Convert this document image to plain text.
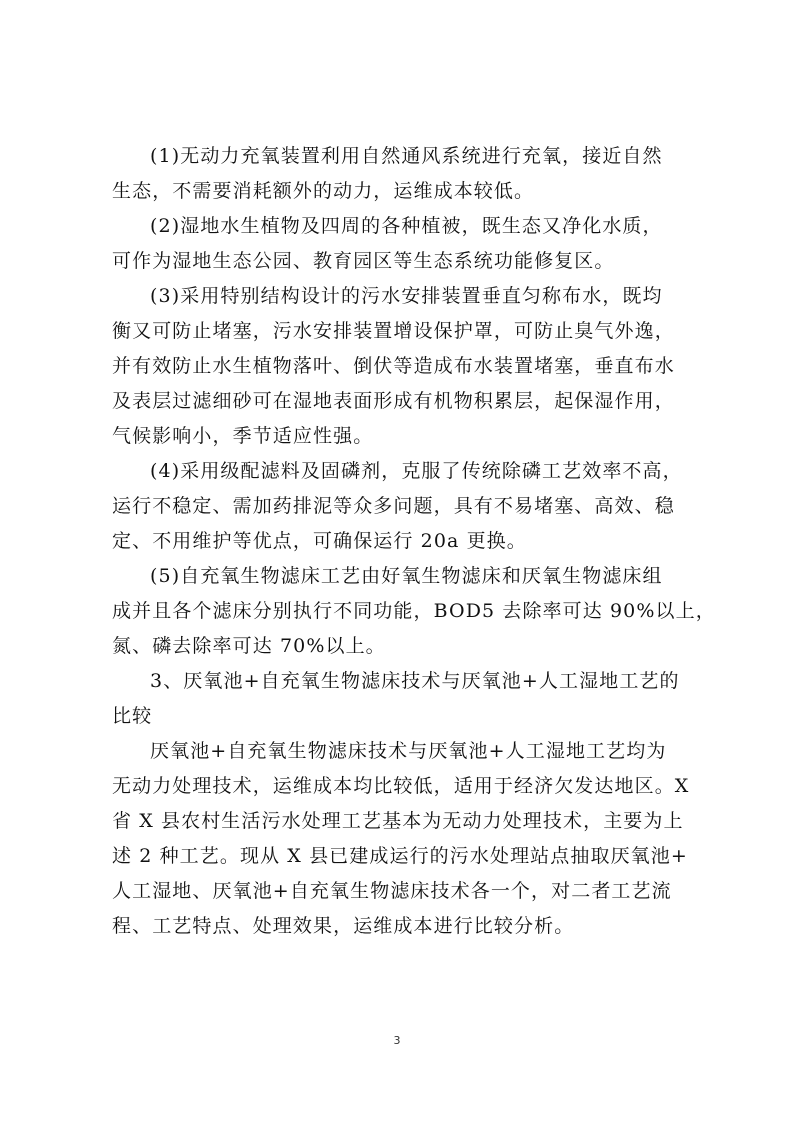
(1)无动力充氧装置利用自然通风系统进行充氧，接近自然
生态，不需要消耗额外的动力，运维成本较低。
(2)湿地水生植物及四周的各种植被，既生态又净化水质，
可作为湿地生态公园、教育园区等生态系统功能修复区。
(3)采用特别结构设计的污水安排装置垂直匀称布水，既均
衡又可防止堵塞，污水安排装置增设保护罩，可防止臭气外逸，
并有效防止水生植物落叶、倒伏等造成布水装置堵塞，垂直布水
及表层过滤细砂可在湿地表面形成有机物积累层，起保湿作用，
气候影响小，季节适应性强。
(4)采用级配滤料及固磷剂，克服了传统除磷工艺效率不高，
运行不稳定、需加药排泥等众多问题，具有不易堵塞、高效、稳
定、不用维护等优点，可确保运行 20a 更换。
(5)自充氧生物滤床工艺由好氧生物滤床和厌氧生物滤床组
成并且各个滤床分别执行不同功能，BOD5 去除率可达 90%以上，
氮、磷去除率可达 70%以上。
3、厌氧池+自充氧生物滤床技术与厌氧池+人工湿地工艺的
比较
厌氧池+自充氧生物滤床技术与厌氧池+人工湿地工艺均为
无动力处理技术，运维成本均比较低，适用于经济欠发达地区。X
省 X 县农村生活污水处理工艺基本为无动力处理技术，主要为上
述 2 种工艺。现从 X 县已建成运行的污水处理站点抽取厌氧池+
人工湿地、厌氧池+自充氧生物滤床技术各一个，对二者工艺流
程、工艺特点、处理效果，运维成本进行比较分析。
3
